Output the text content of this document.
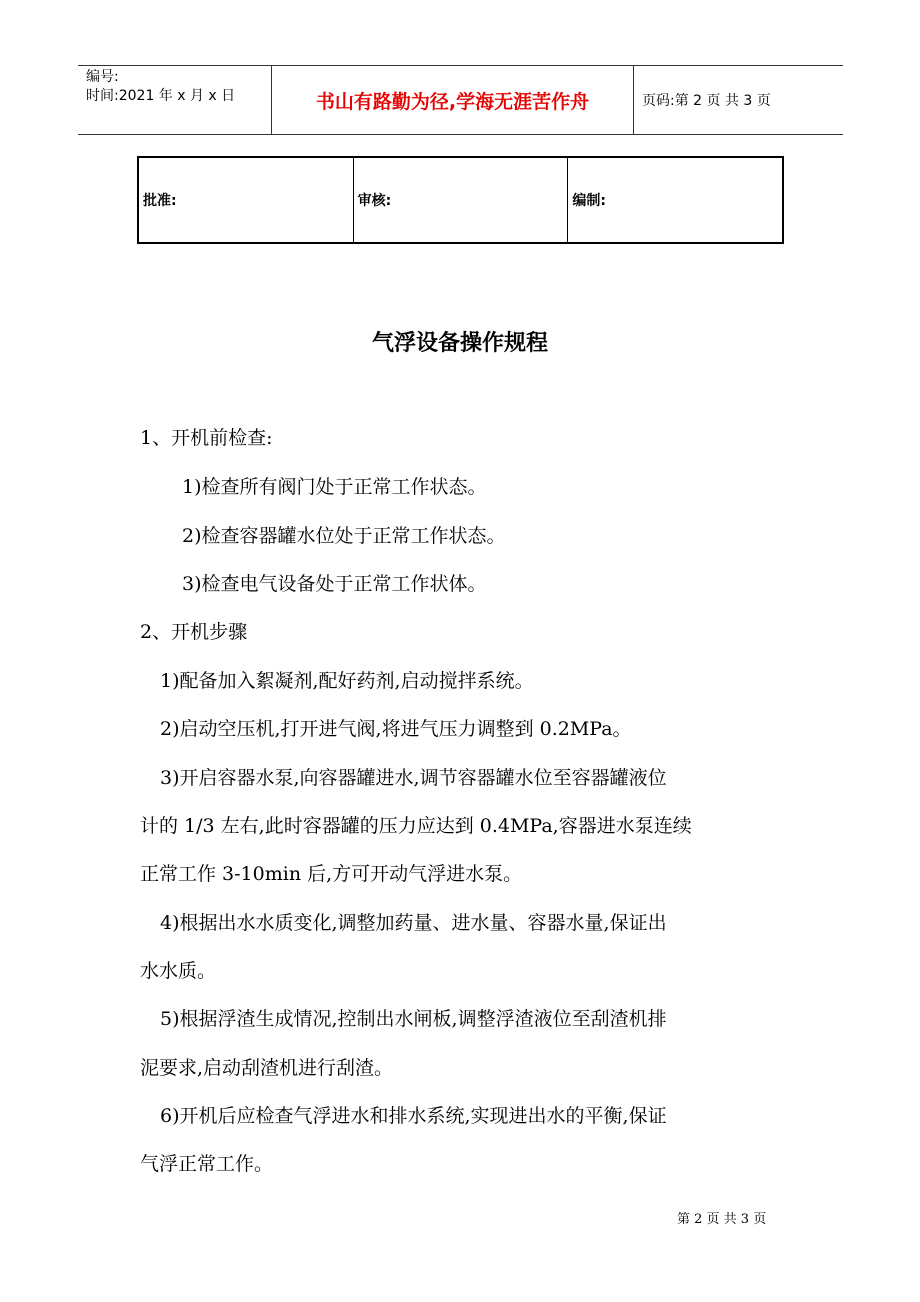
编号:
时间:2021 年 x 月 x 日	书山有路勤为径,学海无涯苦作舟	页码:第 2 页 共 3 页
批准:	审核:	编制:
气浮设备操作规程
1、开机前检查:
1)检查所有阀门处于正常工作状态。
2)检查容器罐水位处于正常工作状态。
3)检查电气设备处于正常工作状体。
2、开机步骤
1)配备加入絮凝剂,配好药剂,启动搅拌系统。
2)启动空压机,打开进气阀,将进气压力调整到 0.2MPa。
3)开启容器水泵,向容器罐进水,调节容器罐水位至容器罐液位
计的 1/3 左右,此时容器罐的压力应达到 0.4MPa,容器进水泵连续
正常工作 3-10min 后,方可开动气浮进水泵。
4)根据出水水质变化,调整加药量、进水量、容器水量,保证出
水水质。
5)根据浮渣生成情况,控制出水闸板,调整浮渣液位至刮渣机排
泥要求,启动刮渣机进行刮渣。
6)开机后应检查气浮进水和排水系统,实现进出水的平衡,保证
气浮正常工作。
第 2 页 共 3 页
